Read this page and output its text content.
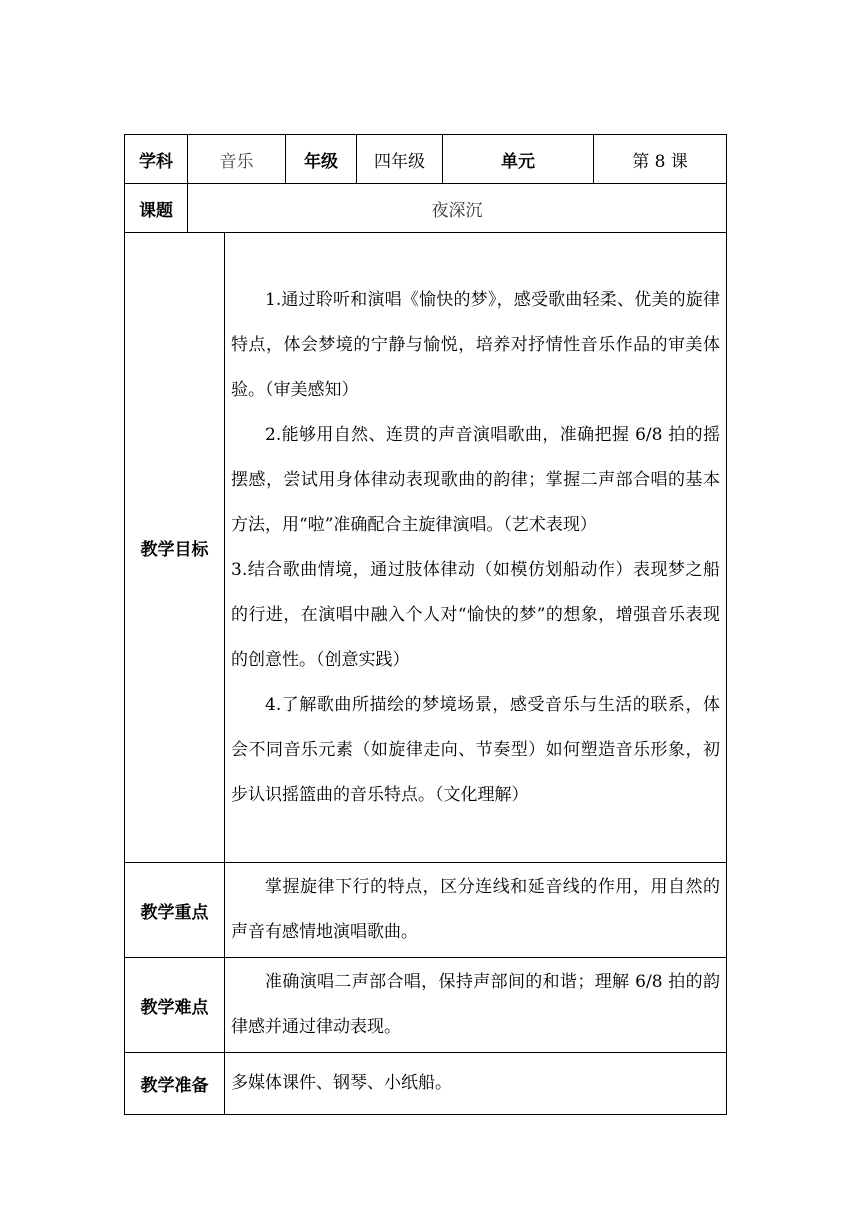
学科	音乐		年级	四年级	单元	第 8 课
课题	夜深沉					
教学目标		1.通过聆听和演唱《愉快的梦》，感受歌曲轻柔、优美的旋律特点，体会梦境的宁静与愉悦，培养对抒情性音乐作品的审美体验。（审美感知）

2.能够用自然、连贯的声音演唱歌曲，准确把握 6/8 拍的摇摆感，尝试用身体律动表现歌曲的韵律；掌握二声部合唱的基本方法，用“啦”准确配合主旋律演唱。（艺术表现）

3.结合歌曲情境，通过肢体律动（如模仿划船动作）表现梦之船的行进，在演唱中融入个人对“愉快的梦”的想象，增强音乐表现的创意性。（创意实践）

4.了解歌曲所描绘的梦境场景，感受音乐与生活的联系，体会不同音乐元素（如旋律走向、节奏型）如何塑造音乐形象，初步认识摇篮曲的音乐特点。（文化理解）				

教学重点		掌握旋律下行的特点，区分连线和延音线的作用，用自然的声音有感情地演唱歌曲。				

教学难点		准确演唱二声部合唱，保持声部间的和谐；理解 6/8 拍的韵律感并通过律动表现。				

教学准备		多媒体课件、钢琴、小纸船。				
